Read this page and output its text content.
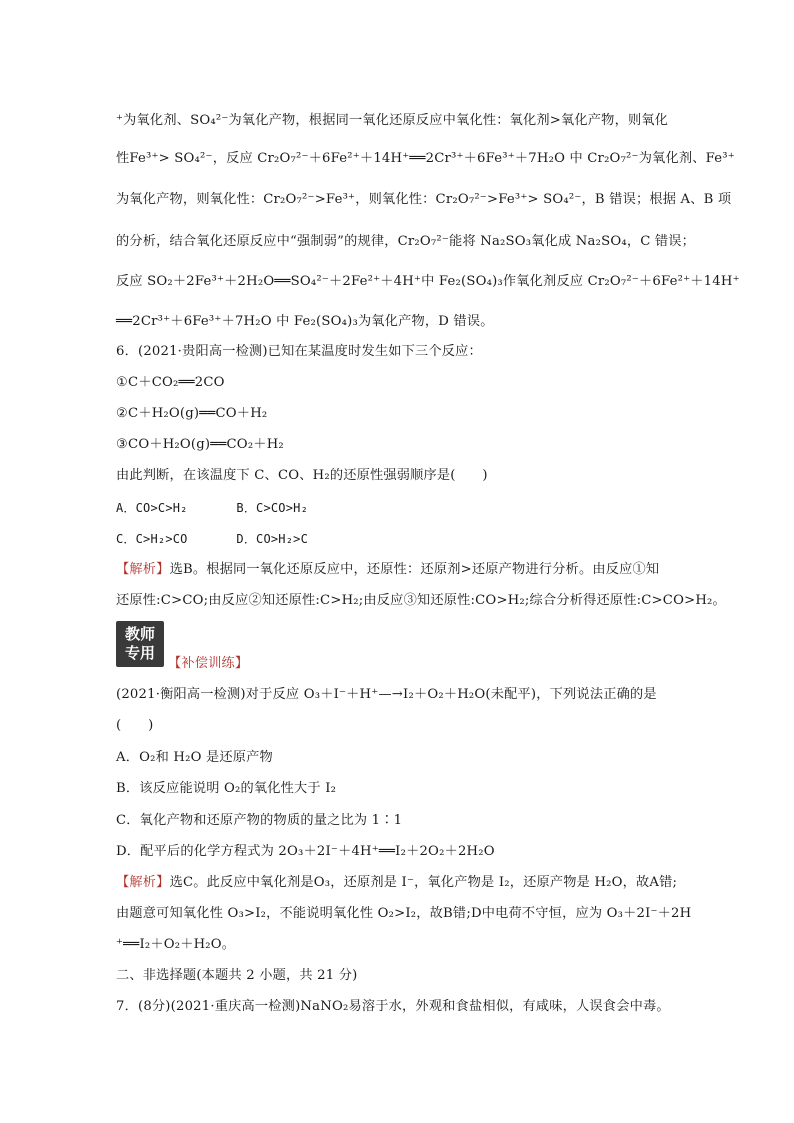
⁺为氧化剂、SO₄²⁻为氧化产物，根据同一氧化还原反应中氧化性：氧化剂>氧化产物，则氧化
性Fe³⁺> SO₄²⁻，反应 Cr₂O₇²⁻＋6Fe²⁺＋14H⁺══2Cr³⁺＋6Fe³⁺＋7H₂O 中 Cr₂O₇²⁻为氧化剂、Fe³⁺
为氧化产物，则氧化性：Cr₂O₇²⁻>Fe³⁺，则氧化性：Cr₂O₇²⁻>Fe³⁺> SO₄²⁻，B 错误；根据 A、B 项
的分析，结合氧化还原反应中“强制弱”的规律，Cr₂O₇²⁻能将 Na₂SO₃氧化成 Na₂SO₄，C 错误；
反应 SO₂＋2Fe³⁺＋2H₂O══SO₄²⁻＋2Fe²⁺＋4H⁺中 Fe₂(SO₄)₃作氧化剂反应 Cr₂O₇²⁻＋6Fe²⁺＋14H⁺
══2Cr³⁺＋6Fe³⁺＋7H₂O 中 Fe₂(SO₄)₃为氧化产物，D 错误。
6．(2021·贵阳高一检测)已知在某温度时发生如下三个反应：
①C＋CO₂══2CO
②C＋H₂O(g)══CO＋H₂
③CO＋H₂O(g)══CO₂＋H₂
由此判断，在该温度下 C、CO、H₂的还原性强弱顺序是(　　)
A．CO>C>H₂　　　　B．C>CO>H₂
C．C>H₂>CO　　　　D．CO>H₂>C
【解析】选B。根据同一氧化还原反应中，还原性：还原剂>还原产物进行分析。由反应①知
还原性:C>CO;由反应②知还原性:C>H₂;由反应③知还原性:CO>H₂;综合分析得还原性:C>CO>H₂。
教师
专用
【补偿训练】
(2021·衡阳高一检测)对于反应 O₃＋I⁻＋H⁺—→I₂＋O₂＋H₂O(未配平)，下列说法正确的是
(　　)
A．O₂和 H₂O 是还原产物
B．该反应能说明 O₂的氧化性大于 I₂
C．氧化产物和还原产物的物质的量之比为 1∶1
D．配平后的化学方程式为 2O₃＋2I⁻＋4H⁺══I₂＋2O₂＋2H₂O
【解析】选C。此反应中氧化剂是O₃，还原剂是 I⁻，氧化产物是 I₂，还原产物是 H₂O，故A错;
由题意可知氧化性 O₃>I₂，不能说明氧化性 O₂>I₂，故B错;D中电荷不守恒，应为 O₃＋2I⁻＋2H
⁺══I₂＋O₂＋H₂O。
二、非选择题(本题共 2 小题，共 21 分)
7．(8分)(2021·重庆高一检测)NaNO₂易溶于水，外观和食盐相似，有咸味，人误食会中毒。
